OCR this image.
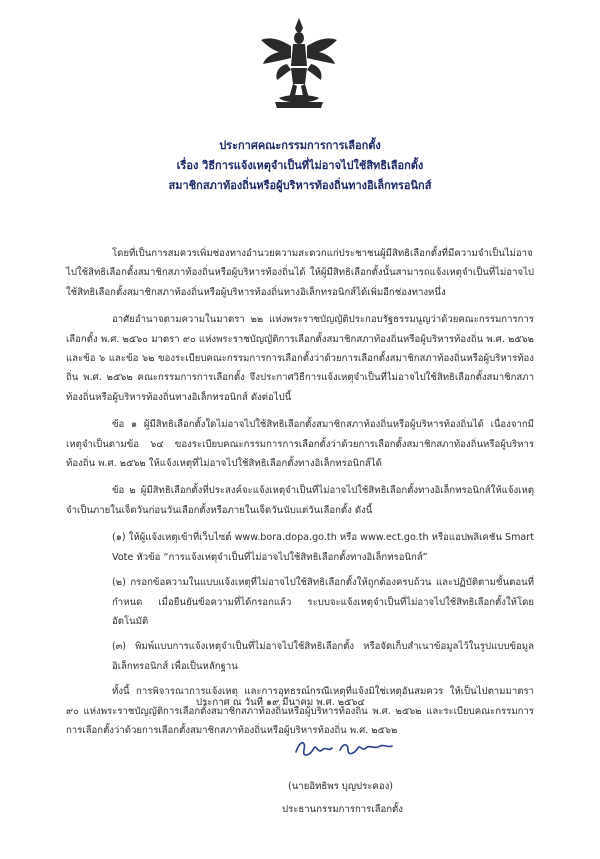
ประกาศคณะกรรมการการเลือกตั้ง
เรื่อง วิธีการแจ้งเหตุจำเป็นที่ไม่อาจไปใช้สิทธิเลือกตั้ง
สมาชิกสภาท้องถิ่นหรือผู้บริหารท้องถิ่นทางอิเล็กทรอนิกส์

โดยที่เป็นการสมควรเพิ่มช่องทางอำนวยความสะดวกแก่ประชาชนผู้มีสิทธิเลือกตั้งที่มีความจำเป็นไม่อาจไปใช้สิทธิเลือกตั้งสมาชิกสภาท้องถิ่นหรือผู้บริหารท้องถิ่นได้ ให้ผู้มีสิทธิเลือกตั้งนั้นสามารถแจ้งเหตุจำเป็นที่ไม่อาจไปใช้สิทธิเลือกตั้งสมาชิกสภาท้องถิ่นหรือผู้บริหารท้องถิ่นทางอิเล็กทรอนิกส์ได้เพิ่มอีกช่องทางหนึ่ง

อาศัยอำนาจตามความในมาตรา ๒๒ แห่งพระราชบัญญัติประกอบรัฐธรรมนูญว่าด้วยคณะกรรมการการเลือกตั้ง พ.ศ. ๒๕๖๐ มาตรา ๙๐ แห่งพระราชบัญญัติการเลือกตั้งสมาชิกสภาท้องถิ่นหรือผู้บริหารท้องถิ่น พ.ศ. ๒๕๖๒ และข้อ ๖ และข้อ ๖๒ ของระเบียบคณะกรรมการการเลือกตั้งว่าด้วยการเลือกตั้งสมาชิกสภาท้องถิ่นหรือผู้บริหารท้องถิ่น พ.ศ. ๒๕๖๒ คณะกรรมการการเลือกตั้ง จึงประกาศวิธีการแจ้งเหตุจำเป็นที่ไม่อาจไปใช้สิทธิเลือกตั้งสมาชิกสภาท้องถิ่นหรือผู้บริหารท้องถิ่นทางอิเล็กทรอนิกส์ ดังต่อไปนี้

ข้อ ๑ ผู้มีสิทธิเลือกตั้งใดไม่อาจไปใช้สิทธิเลือกตั้งสมาชิกสภาท้องถิ่นหรือผู้บริหารท้องถิ่นได้ เนื่องจากมีเหตุจำเป็นตามข้อ ๖๔ ของระเบียบคณะกรรมการการเลือกตั้งว่าด้วยการเลือกตั้งสมาชิกสภาท้องถิ่นหรือผู้บริหารท้องถิ่น พ.ศ. ๒๕๖๒ ให้แจ้งเหตุที่ไม่อาจไปใช้สิทธิเลือกตั้งทางอิเล็กทรอนิกส์ได้

ข้อ ๒ ผู้มีสิทธิเลือกตั้งที่ประสงค์จะแจ้งเหตุจำเป็นที่ไม่อาจไปใช้สิทธิเลือกตั้งทางอิเล็กทรอนิกส์ให้แจ้งเหตุจำเป็นภายในเจ็ดวันก่อนวันเลือกตั้งหรือภายในเจ็ดวันนับแต่วันเลือกตั้ง ดังนี้

(๑) ให้ผู้แจ้งเหตุเข้าที่เว็บไซต์ www.bora.dopa.go.th หรือ www.ect.go.th หรือแอปพลิเคชัน Smart Vote หัวข้อ “การแจ้งเหตุจำเป็นที่ไม่อาจไปใช้สิทธิเลือกตั้งทางอิเล็กทรอนิกส์”

(๒) กรอกข้อความในแบบแจ้งเหตุที่ไม่อาจไปใช้สิทธิเลือกตั้งให้ถูกต้องครบถ้วน และปฏิบัติตามขั้นตอนที่กำหนด เมื่อยืนยันข้อความที่ได้กรอกแล้ว ระบบจะแจ้งเหตุจำเป็นที่ไม่อาจไปใช้สิทธิเลือกตั้งให้โดยอัตโนมัติ

(๓) พิมพ์แบบการแจ้งเหตุจำเป็นที่ไม่อาจไปใช้สิทธิเลือกตั้ง หรือจัดเก็บสำเนาข้อมูลไว้ในรูปแบบข้อมูลอิเล็กทรอนิกส์ เพื่อเป็นหลักฐาน

ทั้งนี้ การพิจารณาการแจ้งเหตุ และการอุทธรณ์กรณีเหตุที่แจ้งมิใช่เหตุอันสมควร ให้เป็นไปตามมาตรา ๙๐ แห่งพระราชบัญญัติการเลือกตั้งสมาชิกสภาท้องถิ่นหรือผู้บริหารท้องถิ่น พ.ศ. ๒๕๖๒ และระเบียบคณะกรรมการการเลือกตั้งว่าด้วยการเลือกตั้งสมาชิกสภาท้องถิ่นหรือผู้บริหารท้องถิ่น พ.ศ. ๒๕๖๒

ประกาศ ณ วันที่ ๑๙ มีนาคม พ.ศ. ๒๕๖๔
(นายอิทธิพร บุญประคอง)
ประธานกรรมการการเลือกตั้ง
